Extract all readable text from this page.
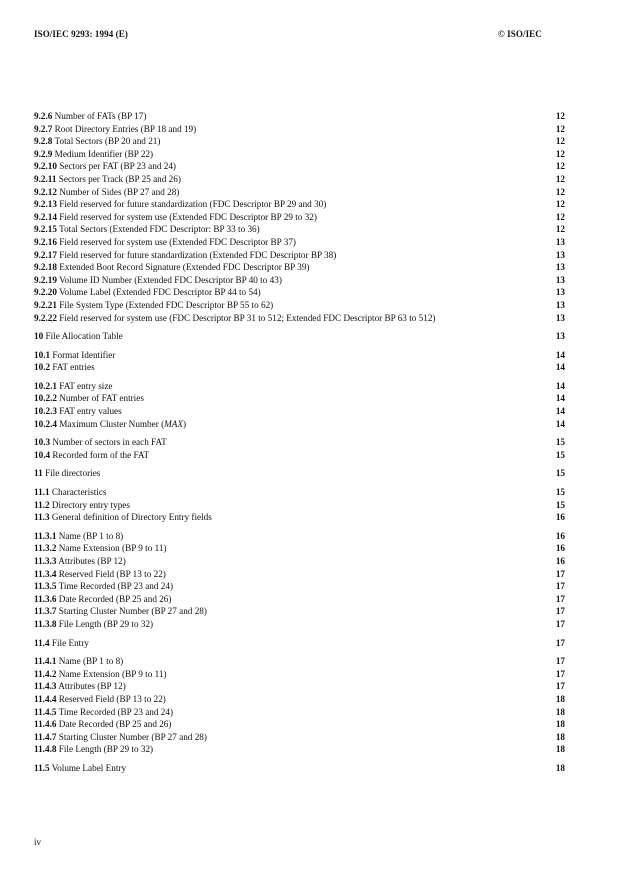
ISO/IEC 9293: 1994 (E)	© ISO/IEC
9.2.6 Number of FATs (BP 17)	12
9.2.7 Root Directory Entries (BP 18 and 19)	12
9.2.8 Total Sectors (BP 20 and 21)	12
9.2.9 Medium Identifier (BP 22)	12
9.2.10 Sectors per FAT (BP 23 and 24)	12
9.2.11 Sectors per Track (BP 25 and 26)	12
9.2.12 Number of Sides (BP 27 and 28)	12
9.2.13 Field reserved for future standardization (FDC Descriptor BP 29 and 30)	12
9.2.14 Field reserved for system use (Extended FDC Descriptor BP 29 to 32)	12
9.2.15 Total Sectors (Extended FDC Descriptor: BP 33 to 36)	12
9.2.16 Field reserved for system use (Extended FDC Descriptor BP 37)	13
9.2.17 Field reserved for future standardization (Extended FDC Descriptor BP 38)	13
9.2.18 Extended Boot Record Signature (Extended FDC Descriptor BP 39)	13
9.2.19 Volume ID Number (Extended FDC Descriptor BP 40 to 43)	13
9.2.20 Volume Label (Extended FDC Descriptor BP 44 to 54)	13
9.2.21 File System Type (Extended FDC Descriptor BP 55 to 62)	13
9.2.22 Field reserved for system use (FDC Descriptor BP 31 to 512; Extended FDC Descriptor BP 63 to 512)	13
10 File Allocation Table	13
10.1 Format Identifier	14
10.2 FAT entries	14
10.2.1 FAT entry size	14
10.2.2 Number of FAT entries	14
10.2.3 FAT entry values	14
10.2.4 Maximum Cluster Number (MAX)	14
10.3 Number of sectors in each FAT	15
10.4 Recorded form of the FAT	15
11 File directories	15
11.1 Characteristics	15
11.2 Directory entry types	15
11.3 General definition of Directory Entry fields	16
11.3.1 Name (BP 1 to 8)	16
11.3.2 Name Extension (BP 9 to 11)	16
11.3.3 Attributes (BP 12)	16
11.3.4 Reserved Field (BP 13 to 22)	17
11.3.5 Time Recorded (BP 23 and 24)	17
11.3.6 Date Recorded (BP 25 and 26)	17
11.3.7 Starting Cluster Number (BP 27 and 28)	17
11.3.8 File Length (BP 29 to 32)	17
11.4 File Entry	17
11.4.1 Name (BP 1 to 8)	17
11.4.2 Name Extension (BP 9 to 11)	17
11.4.3 Attributes (BP 12)	17
11.4.4 Reserved Field (BP 13 to 22)	18
11.4.5 Time Recorded (BP 23 and 24)	18
11.4.6 Date Recorded (BP 25 and 26)	18
11.4.7 Starting Cluster Number (BP 27 and 28)	18
11.4.8 File Length (BP 29 to 32)	18
11.5 Volume Label Entry	18
iv
